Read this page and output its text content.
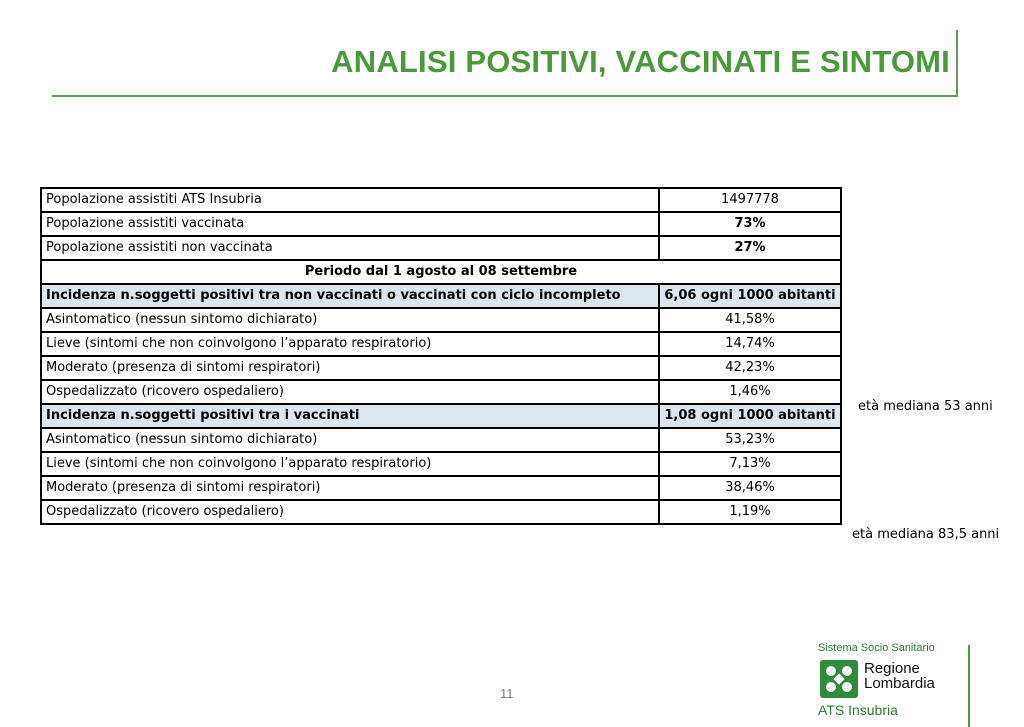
ANALISI POSITIVI, VACCINATI E SINTOMI
Popolazione assistiti ATS Insubria	1497778
Popolazione assistiti vaccinata	73%
Popolazione assistiti non vaccinata	27%
Periodo dal 1 agosto al 08 settembre	
Incidenza n.soggetti positivi tra non vaccinati o vaccinati con ciclo incompleto	6,06 ogni 1000 abitanti
Asintomatico (nessun sintomo dichiarato)	41,58%
Lieve (sintomi che non coinvolgono l’apparato respiratorio)	14,74%
Moderato (presenza di sintomi respiratori)	42,23%
Ospedalizzato (ricovero ospedaliero)	1,46%
Incidenza n.soggetti positivi tra i vaccinati	1,08 ogni 1000 abitanti
Asintomatico (nessun sintomo dichiarato)	53,23%
Lieve (sintomi che non coinvolgono l’apparato respiratorio)	7,13%
Moderato (presenza di sintomi respiratori)	38,46%
Ospedalizzato (ricovero ospedaliero)	1,19%
età mediana 53 anni
età mediana 83,5 anni
11
Sistema Socio Sanitario
Regione
Lombardia
ATS Insubria
